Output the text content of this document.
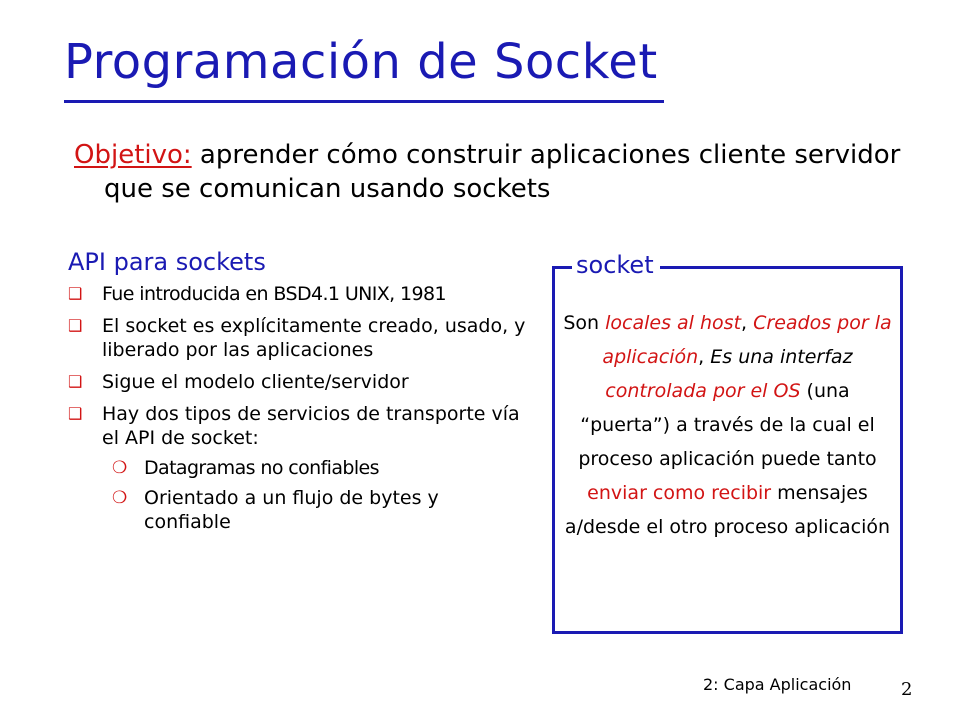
Programación de Socket
Objetivo: aprender cómo construir aplicaciones cliente servidor que se comunican usando sockets
API para sockets
❑ Fue introducida en BSD4.1 UNIX, 1981
❑ El socket es explícitamente creado, usado, y liberado por las aplicaciones
❑ Sigue el modelo cliente/servidor
❑ Hay dos tipos de servicios de transporte vía el API de socket:
❍ Datagramas no confiables
❍ Orientado a un flujo de bytes y confiable
socket
Son locales al host, Creados por la aplicación, Es una interfaz controlada por el OS (una “puerta”) a través de la cual el proceso aplicación puede tanto enviar como recibir mensajes a/desde el otro proceso aplicación
2: Capa Aplicación	2
